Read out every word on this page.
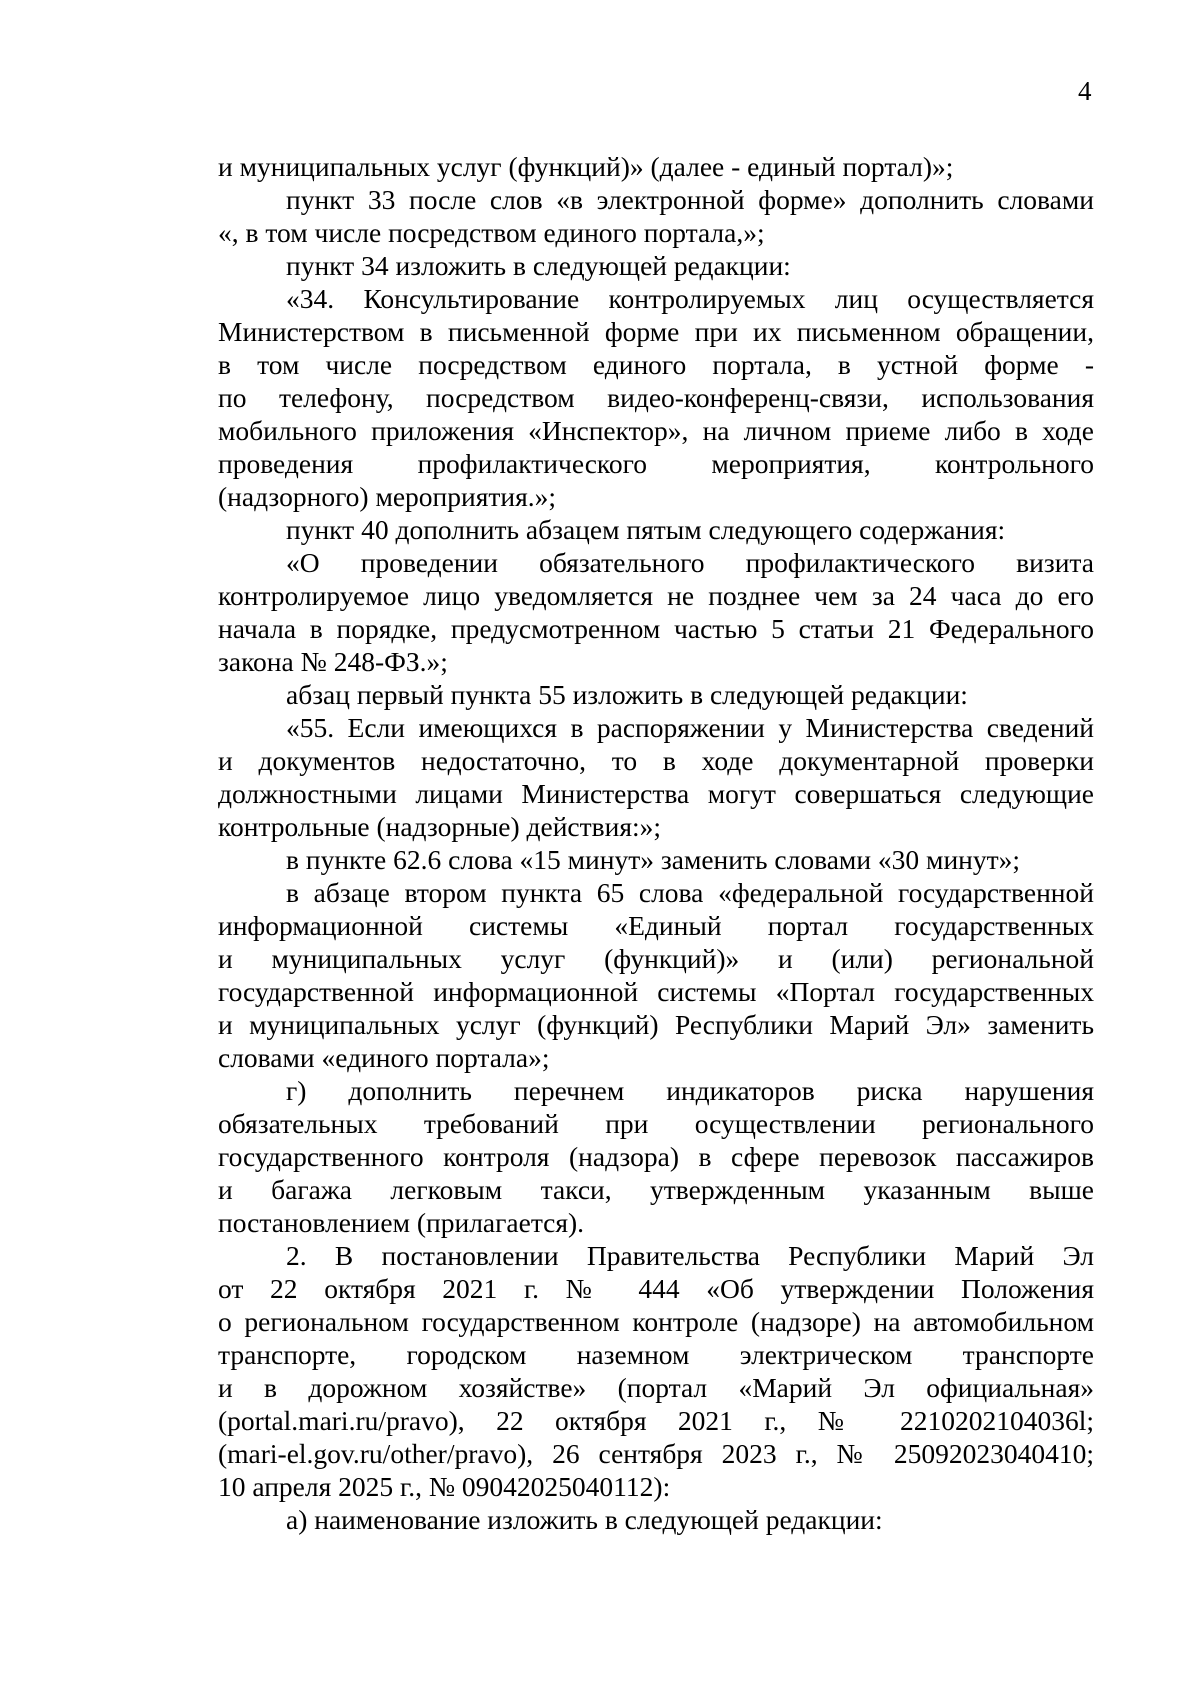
4
и муниципальных услуг (функций)» (далее - единый портал)»;
пункт 33 после слов «в электронной форме» дополнить словами
«, в том числе посредством единого портала,»;
пункт 34 изложить в следующей редакции:
«34. Консультирование контролируемых лиц осуществляется
Министерством в письменной форме при их письменном обращении,
в том числе посредством единого портала, в устной форме -
по телефону, посредством видео-конференц-связи, использования
мобильного приложения «Инспектор», на личном приеме либо в ходе
проведения профилактического мероприятия, контрольного
(надзорного) мероприятия.»;
пункт 40 дополнить абзацем пятым следующего содержания:
«О проведении обязательного профилактического визита
контролируемое лицо уведомляется не позднее чем за 24 часа до его
начала в порядке, предусмотренном частью 5 статьи 21 Федерального
закона № 248-ФЗ.»;
абзац первый пункта 55 изложить в следующей редакции:
«55. Если имеющихся в распоряжении у Министерства сведений
и документов недостаточно, то в ходе документарной проверки
должностными лицами Министерства могут совершаться следующие
контрольные (надзорные) действия:»;
в пункте 62.6 слова «15 минут» заменить словами «30 минут»;
в абзаце втором пункта 65 слова «федеральной государственной
информационной системы «Единый портал государственных
и муниципальных услуг (функций)» и (или) региональной
государственной информационной системы «Портал государственных
и муниципальных услуг (функций) Республики Марий Эл» заменить
словами «единого портала»;
г) дополнить перечнем индикаторов риска нарушения
обязательных требований при осуществлении регионального
государственного контроля (надзора) в сфере перевозок пассажиров
и багажа легковым такси, утвержденным указанным выше
постановлением (прилагается).
2. В постановлении Правительства Республики Марий Эл
от 22 октября 2021 г. № 444 «Об утверждении Положения
о региональном государственном контроле (надзоре) на автомобильном
транспорте, городском наземном электрическом транспорте
и в дорожном хозяйстве» (портал «Марий Эл официальная»
(portal.mari.ru/pravo), 22 октября 2021 г., № 2210202104036l;
(mari-el.gov.ru/other/pravo), 26 сентября 2023 г., № 25092023040410;
10 апреля 2025 г., № 09042025040112):
а) наименование изложить в следующей редакции:
